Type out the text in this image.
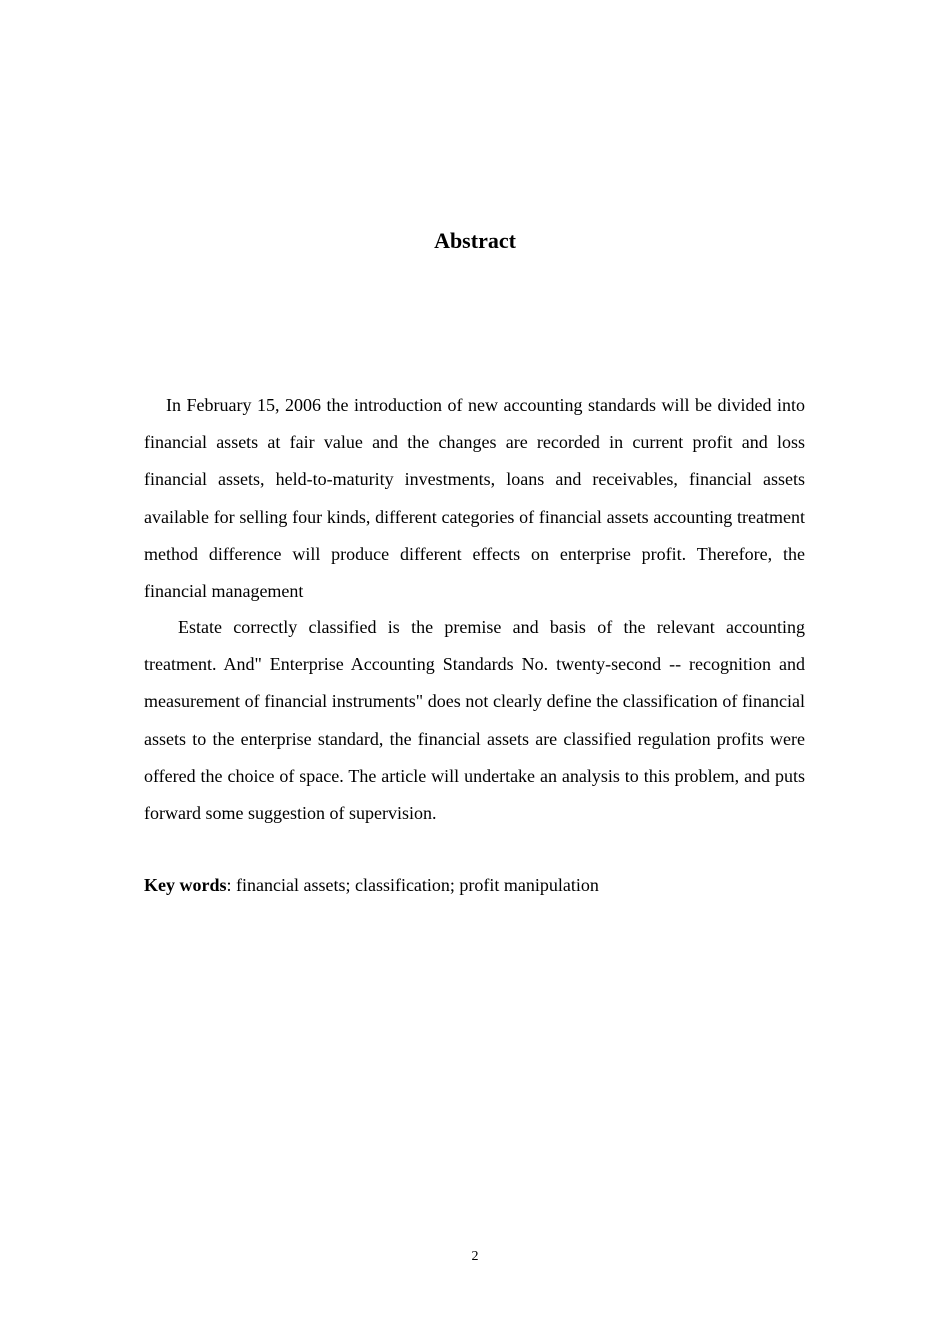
Abstract

In February 15, 2006 the introduction of new accounting standards will be divided into financial assets at fair value and the changes are recorded in current profit and loss financial assets, held-to-maturity investments, loans and receivables, financial assets available for selling four kinds, different categories of financial assets accounting treatment method difference will produce different effects on enterprise profit. Therefore, the financial management

Estate correctly classified is the premise and basis of the relevant accounting treatment. And" Enterprise Accounting Standards No. twenty-second -- recognition and measurement of financial instruments" does not clearly define the classification of financial assets to the enterprise standard, the financial assets are classified regulation profits were offered the choice of space. The article will undertake an analysis to this problem, and puts forward some suggestion of supervision.

Key words: financial assets; classification; profit manipulation

2
